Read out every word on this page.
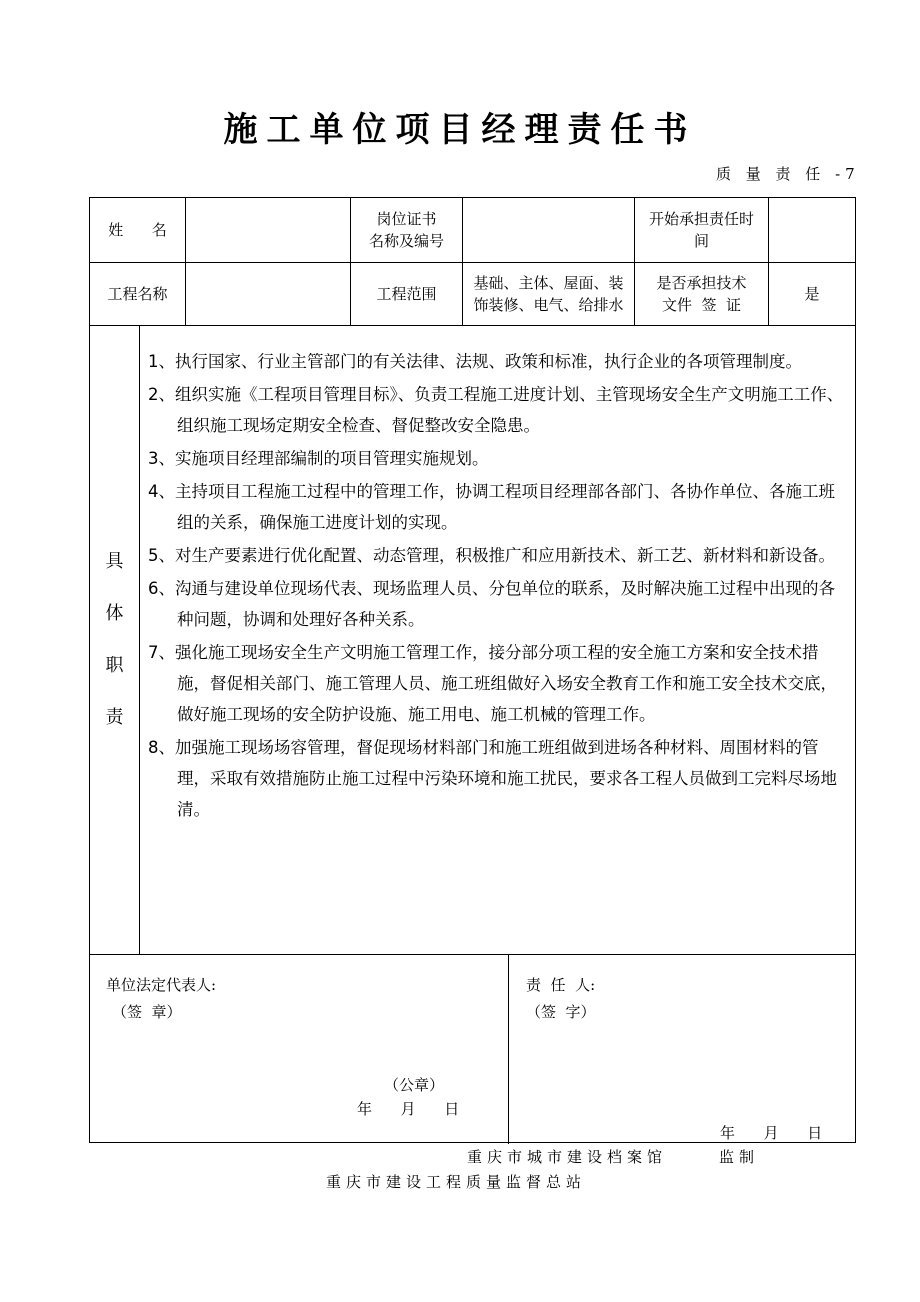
施工单位项目经理责任书
质 量 责 任 -7
姓      名
岗位证书
名称及编号
开始承担责任时
间
工程名称	工程范围
基础、主体、屋面、装
饰装修、电气、给排水
是否承担技术
文件  签  证
是
具
体
职
责
1、执行国家、行业主管部门的有关法律、法规、政策和标准，执行企业的各项管理制度。
2、组织实施《工程项目管理目标》、负责工程施工进度计划、主管现场安全生产文明施工工作、组织施工现场定期安全检查、督促整改安全隐患。
3、实施项目经理部编制的项目管理实施规划。
4、主持项目工程施工过程中的管理工作，协调工程项目经理部各部门、各协作单位、各施工班组的关系，确保施工进度计划的实现。
5、对生产要素进行优化配置、动态管理，积极推广和应用新技术、新工艺、新材料和新设备。
6、沟通与建设单位现场代表、现场监理人员、分包单位的联系，及时解决施工过程中出现的各种问题，协调和处理好各种关系。
7、强化施工现场安全生产文明施工管理工作，接分部分项工程的安全施工方案和安全技术措施，督促相关部门、施工管理人员、施工班组做好入场安全教育工作和施工安全技术交底，做好施工现场的安全防护设施、施工用电、施工机械的管理工作。
8、加强施工现场场容管理，督促现场材料部门和施工班组做到进场各种材料、周围材料的管理，采取有效措施防止施工过程中污染环境和施工扰民，要求各工程人员做到工完料尽场地清。
单位法定代表人:
（签  章）
（公章）
年      月      日
责  任  人:
（签  字）
年      月      日
重庆市城市建设档案馆	监制
重庆市建设工程质量监督总站
